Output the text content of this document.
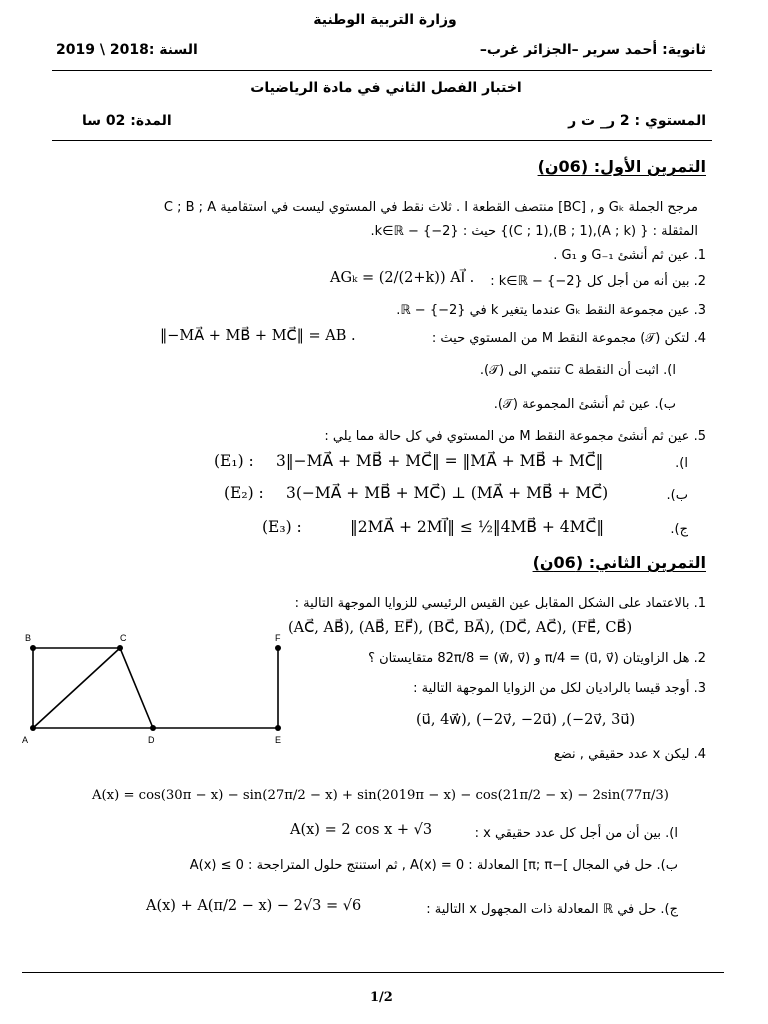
وزارة التربية الوطنية
ثانوية: أحمد سرير –الجزائر غرب–
السنة :2018 \ 2019
اختبار الفصل الثاني في مادة الرياضيات
المستوي : 2 ر_ ت ر
المدة: 02 سا
التمرين الأول: (06ن)
C ; B ; A ثلاث نقط في المستوي ليست في استقامية . I منتصف القطعة [BC] , و Gₖ مرجح الجملة
المثقلة : { (A ; k),(B ; 1),(C ; 1)} حيث : k∈ℝ − {−2}.
1. عين ثم أنشئ G₋₁ و G₁ .
2. بين أنه من أجل كل k∈ℝ − {−2} :
AGₖ = (2/(2+k)) AI⃗ .
3. عين مجموعة النقط Gₖ عندما يتغير k في ℝ − {−2}.
4. لتكن (𝒯) مجموعة النقط M من المستوي حيث :
‖−MA⃗ + MB⃗ + MC⃗‖ = AB .
ا). اثبت أن النقطة C تنتمي الى (𝒯).
ب). عين ثم أنشئ المجموعة (𝒯).
5. عين ثم أنشئ مجموعة النقط M من المستوي في كل حالة مما يلي :
(E₁) : 3‖−MA⃗ + MB⃗ + MC⃗‖ = ‖MA⃗ + MB⃗ + MC⃗‖	ا).
(E₂) : 3(−MA⃗ + MB⃗ + MC⃗) ⊥ (MA⃗ + MB⃗ + MC⃗)	ب).
(E₃) :	‖2MA⃗ + 2MI⃗‖ ≤ ½‖4MB⃗ + 4MC⃗‖	ج).
التمرين الثاني: (06ن)
1. بالاعتماد على الشكل المقابل عين القيس الرئيسي للزوايا الموجهة التالية :
(AC⃗, AB⃗), (AB⃗, EF⃗), (BC⃗, BA⃗), (DC⃗, AC⃗), (FE⃗, CB⃗)
2. هل الزاويتان (u⃗, v⃗) = π/4 و (w⃗, v⃗) = 82π/8 متقايستان ؟
3. أوجد قيسا بالراديان لكل من الزوايا الموجهة التالية :
(u⃗, 4w⃗), (−2v⃗, −2u⃗) ,(−2v⃗, 3u⃗)
4. ليكن x عدد حقيقي , نضع
A(x) = cos(30π − x) − sin(27π/2 − x) + sin(2019π − x) − cos(21π/2 − x) − 2sin(77π/3)
ا). بين أن من أجل كل عدد حقيقي x :
A(x) = 2 cos x + √3
ب). حل في المجال ]−π; π] المعادلة : A(x) = 0 , ثم استنتج حلول المتراجحة : A(x) ≤ 0
ج). حل في ℝ المعادلة ذات المجهول x التالية :
A(x) + A(π/2 − x) − 2√3 = √6
B	C	F
A	D	E
1/2
